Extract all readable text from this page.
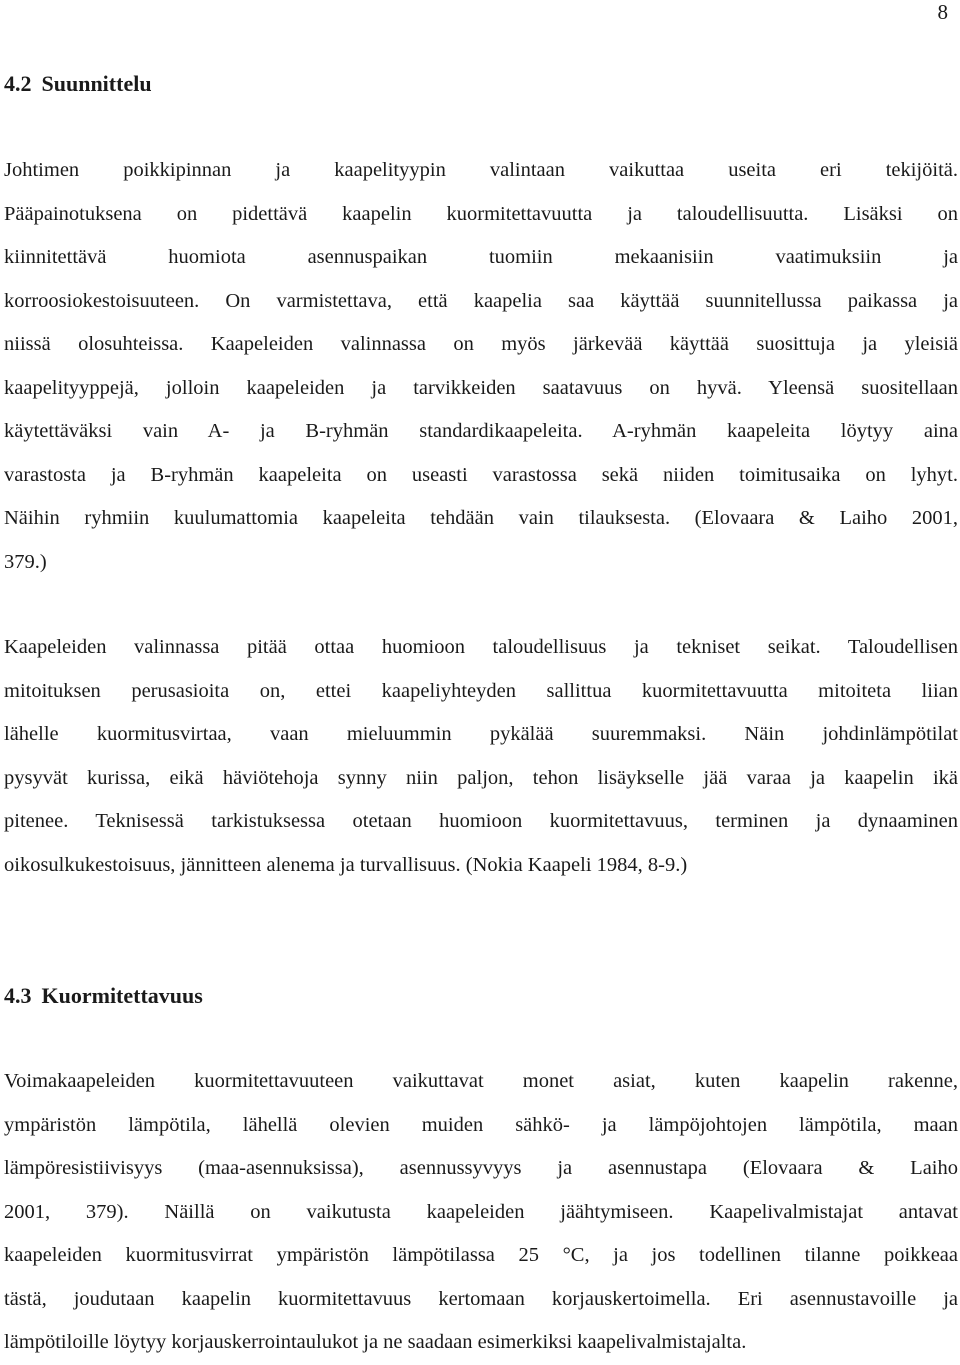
8
4.2 Suunnittelu

Johtimen poikkipinnan ja kaapelityypin valintaan vaikuttaa useita eri tekijöitä.
Pääpainotuksena on pidettävä kaapelin kuormitettavuutta ja taloudellisuutta. Lisäksi on
kiinnitettävä huomiota asennuspaikan tuomiin mekaanisiin vaatimuksiin ja
korroosiokestoisuuteen. On varmistettava, että kaapelia saa käyttää suunnitellussa paikassa ja
niissä olosuhteissa. Kaapeleiden valinnassa on myös järkevää käyttää suosittuja ja yleisiä
kaapelityyppejä, jolloin kaapeleiden ja tarvikkeiden saatavuus on hyvä. Yleensä suositellaan
käytettäväksi vain A- ja B-ryhmän standardikaapeleita. A-ryhmän kaapeleita löytyy aina
varastosta ja B-ryhmän kaapeleita on useasti varastossa sekä niiden toimitusaika on lyhyt.
Näihin ryhmiin kuulumattomia kaapeleita tehdään vain tilauksesta. (Elovaara & Laiho 2001,
379.)

Kaapeleiden valinnassa pitää ottaa huomioon taloudellisuus ja tekniset seikat. Taloudellisen
mitoituksen perusasioita on, ettei kaapeliyhteyden sallittua kuormitettavuutta mitoiteta liian
lähelle kuormitusvirtaa, vaan mieluummin pykälää suuremmaksi. Näin johdinlämpötilat
pysyvät kurissa, eikä häviötehoja synny niin paljon, tehon lisäykselle jää varaa ja kaapelin ikä
pitenee. Teknisessä tarkistuksessa otetaan huomioon kuormitettavuus, terminen ja dynaaminen
oikosulkukestoisuus, jännitteen alenema ja turvallisuus. (Nokia Kaapeli 1984, 8-9.)

4.3 Kuormitettavuus

Voimakaapeleiden kuormitettavuuteen vaikuttavat monet asiat, kuten kaapelin rakenne,
ympäristön lämpötila, lähellä olevien muiden sähkö- ja lämpöjohtojen lämpötila, maan
lämpöresistiivisyys (maa-asennuksissa), asennussyvyys ja asennustapa (Elovaara & Laiho
2001, 379). Näillä on vaikutusta kaapeleiden jäähtymiseen. Kaapelivalmistajat antavat
kaapeleiden kuormitusvirrat ympäristön lämpötilassa 25 °C, ja jos todellinen tilanne poikkeaa
tästä, joudutaan kaapelin kuormitettavuus kertomaan korjauskertoimella. Eri asennustavoille ja
lämpötiloille löytyy korjauskerrointaulukot ja ne saadaan esimerkiksi kaapelivalmistajalta.
